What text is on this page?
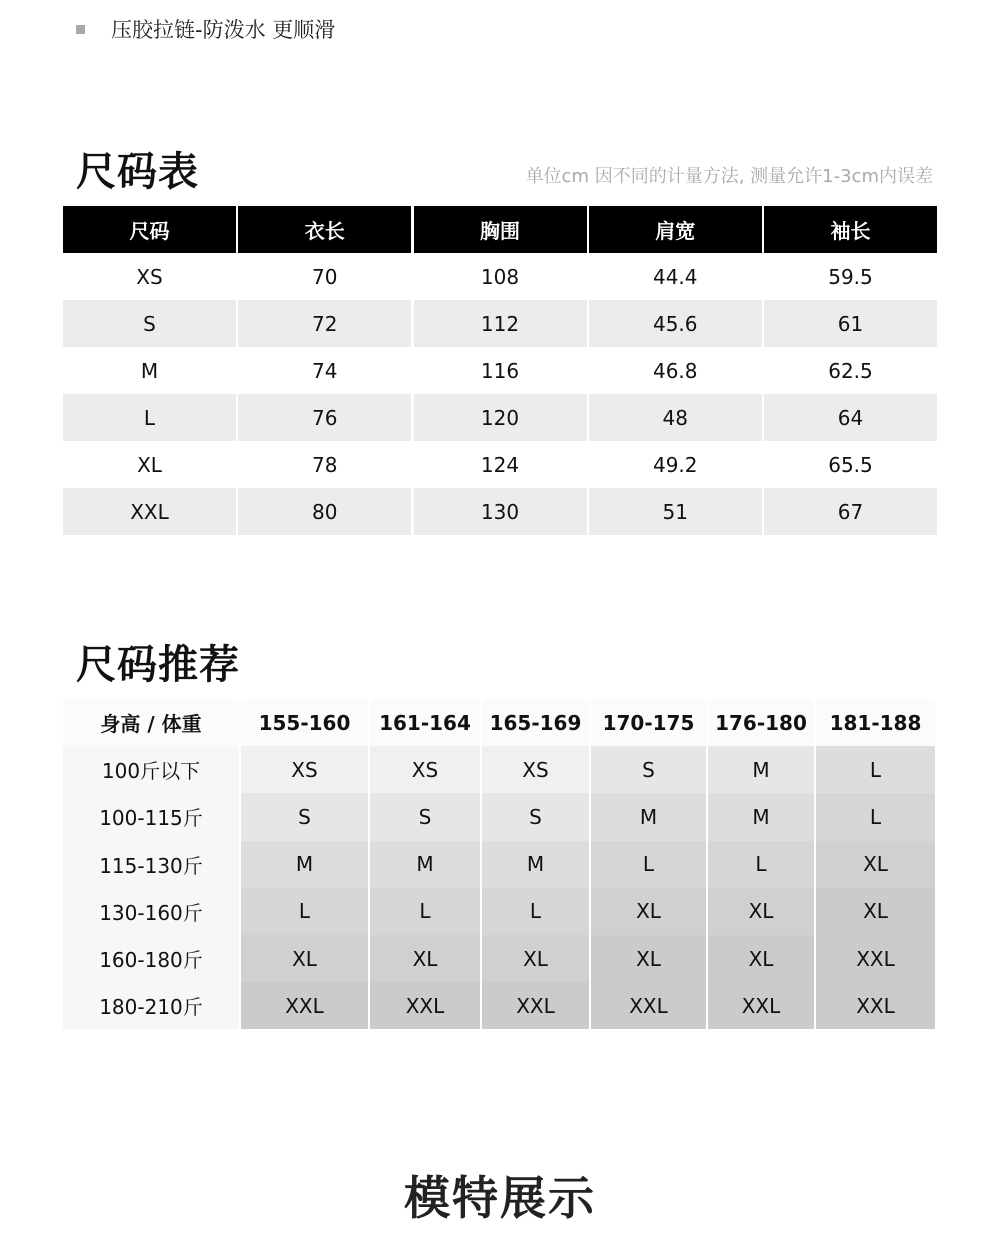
压胶拉链-防泼水 更顺滑
尺码表	单位cm 因不同的计量方法, 测量允许1-3cm内误差
尺码	衣长	胸围	肩宽	袖长
XS	70	108	44.4	59.5
S	72	112	45.6	61
M	74	116	46.8	62.5
L	76	120	48	64
XL	78	124	49.2	65.5
XXL	80	130	51	67
尺码推荐
身高 / 体重	155-160	161-164 165-169	170-175	176-180	181-188
100斤以下	XS	XS	XS	S	M	L
100-115斤	S	S	S	M	M	L
115-130斤	M	M	M	L	L	XL
130-160斤	L	L	L	XL	XL	XL
160-180斤	XL	XL	XL	XL	XL	XXL
180-210斤	XXL	XXL	XXL	XXL	XXL	XXL
模特展示
